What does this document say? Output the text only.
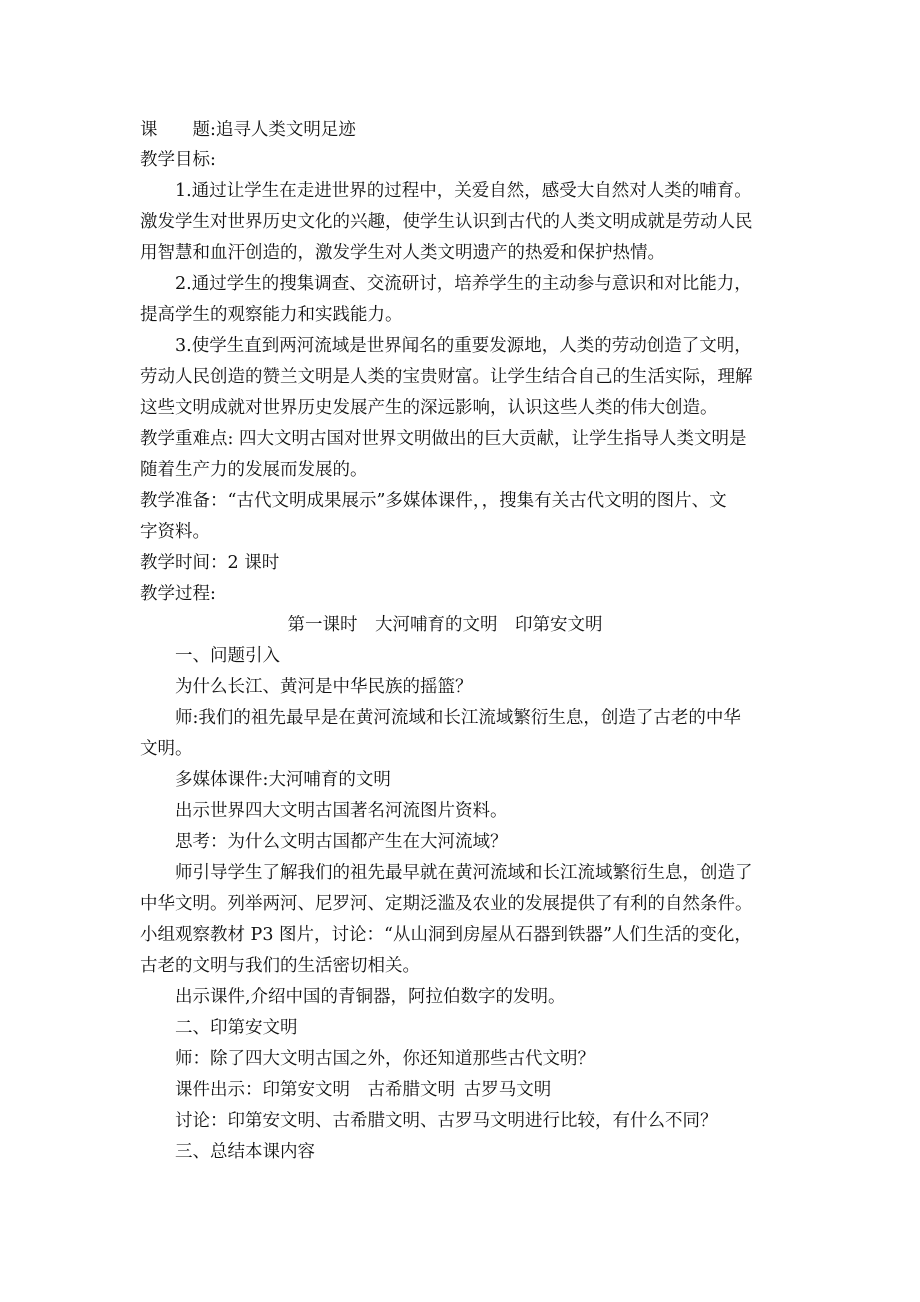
课　　题:追寻人类文明足迹
教学目标:
1.通过让学生在走进世界的过程中，关爱自然，感受大自然对人类的哺育。
激发学生对世界历史文化的兴趣，使学生认识到古代的人类文明成就是劳动人民
用智慧和血汗创造的，激发学生对人类文明遗产的热爱和保护热情。
2.通过学生的搜集调查、交流研讨，培养学生的主动参与意识和对比能力，
提高学生的观察能力和实践能力。
3.使学生直到两河流域是世界闻名的重要发源地，人类的劳动创造了文明，
劳动人民创造的赞兰文明是人类的宝贵财富。让学生结合自己的生活实际，理解
这些文明成就对世界历史发展产生的深远影响，认识这些人类的伟大创造。
教学重难点: 四大文明古国对世界文明做出的巨大贡献，让学生指导人类文明是
随着生产力的发展而发展的。
教学准备：“古代文明成果展示”多媒体课件，，搜集有关古代文明的图片、文
字资料。
教学时间：2 课时
教学过程:
第一课时　大河哺育的文明　印第安文明
一、问题引入
为什么长江、黄河是中华民族的摇篮？
师:我们的祖先最早是在黄河流域和长江流域繁衍生息，创造了古老的中华
文明。
多媒体课件:大河哺育的文明
出示世界四大文明古国著名河流图片资料。
思考：为什么文明古国都产生在大河流域？
师引导学生了解我们的祖先最早就在黄河流域和长江流域繁衍生息，创造了
中华文明。列举两河、尼罗河、定期泛滥及农业的发展提供了有利的自然条件。
小组观察教材 P3 图片，讨论：“从山洞到房屋从石器到铁器”人们生活的变化，
古老的文明与我们的生活密切相关。
出示课件,介绍中国的青铜器，阿拉伯数字的发明。
二、印第安文明
师：除了四大文明古国之外，你还知道那些古代文明？
课件出示：印第安文明　古希腊文明 古罗马文明
讨论：印第安文明、古希腊文明、古罗马文明进行比较，有什么不同？
三、总结本课内容
